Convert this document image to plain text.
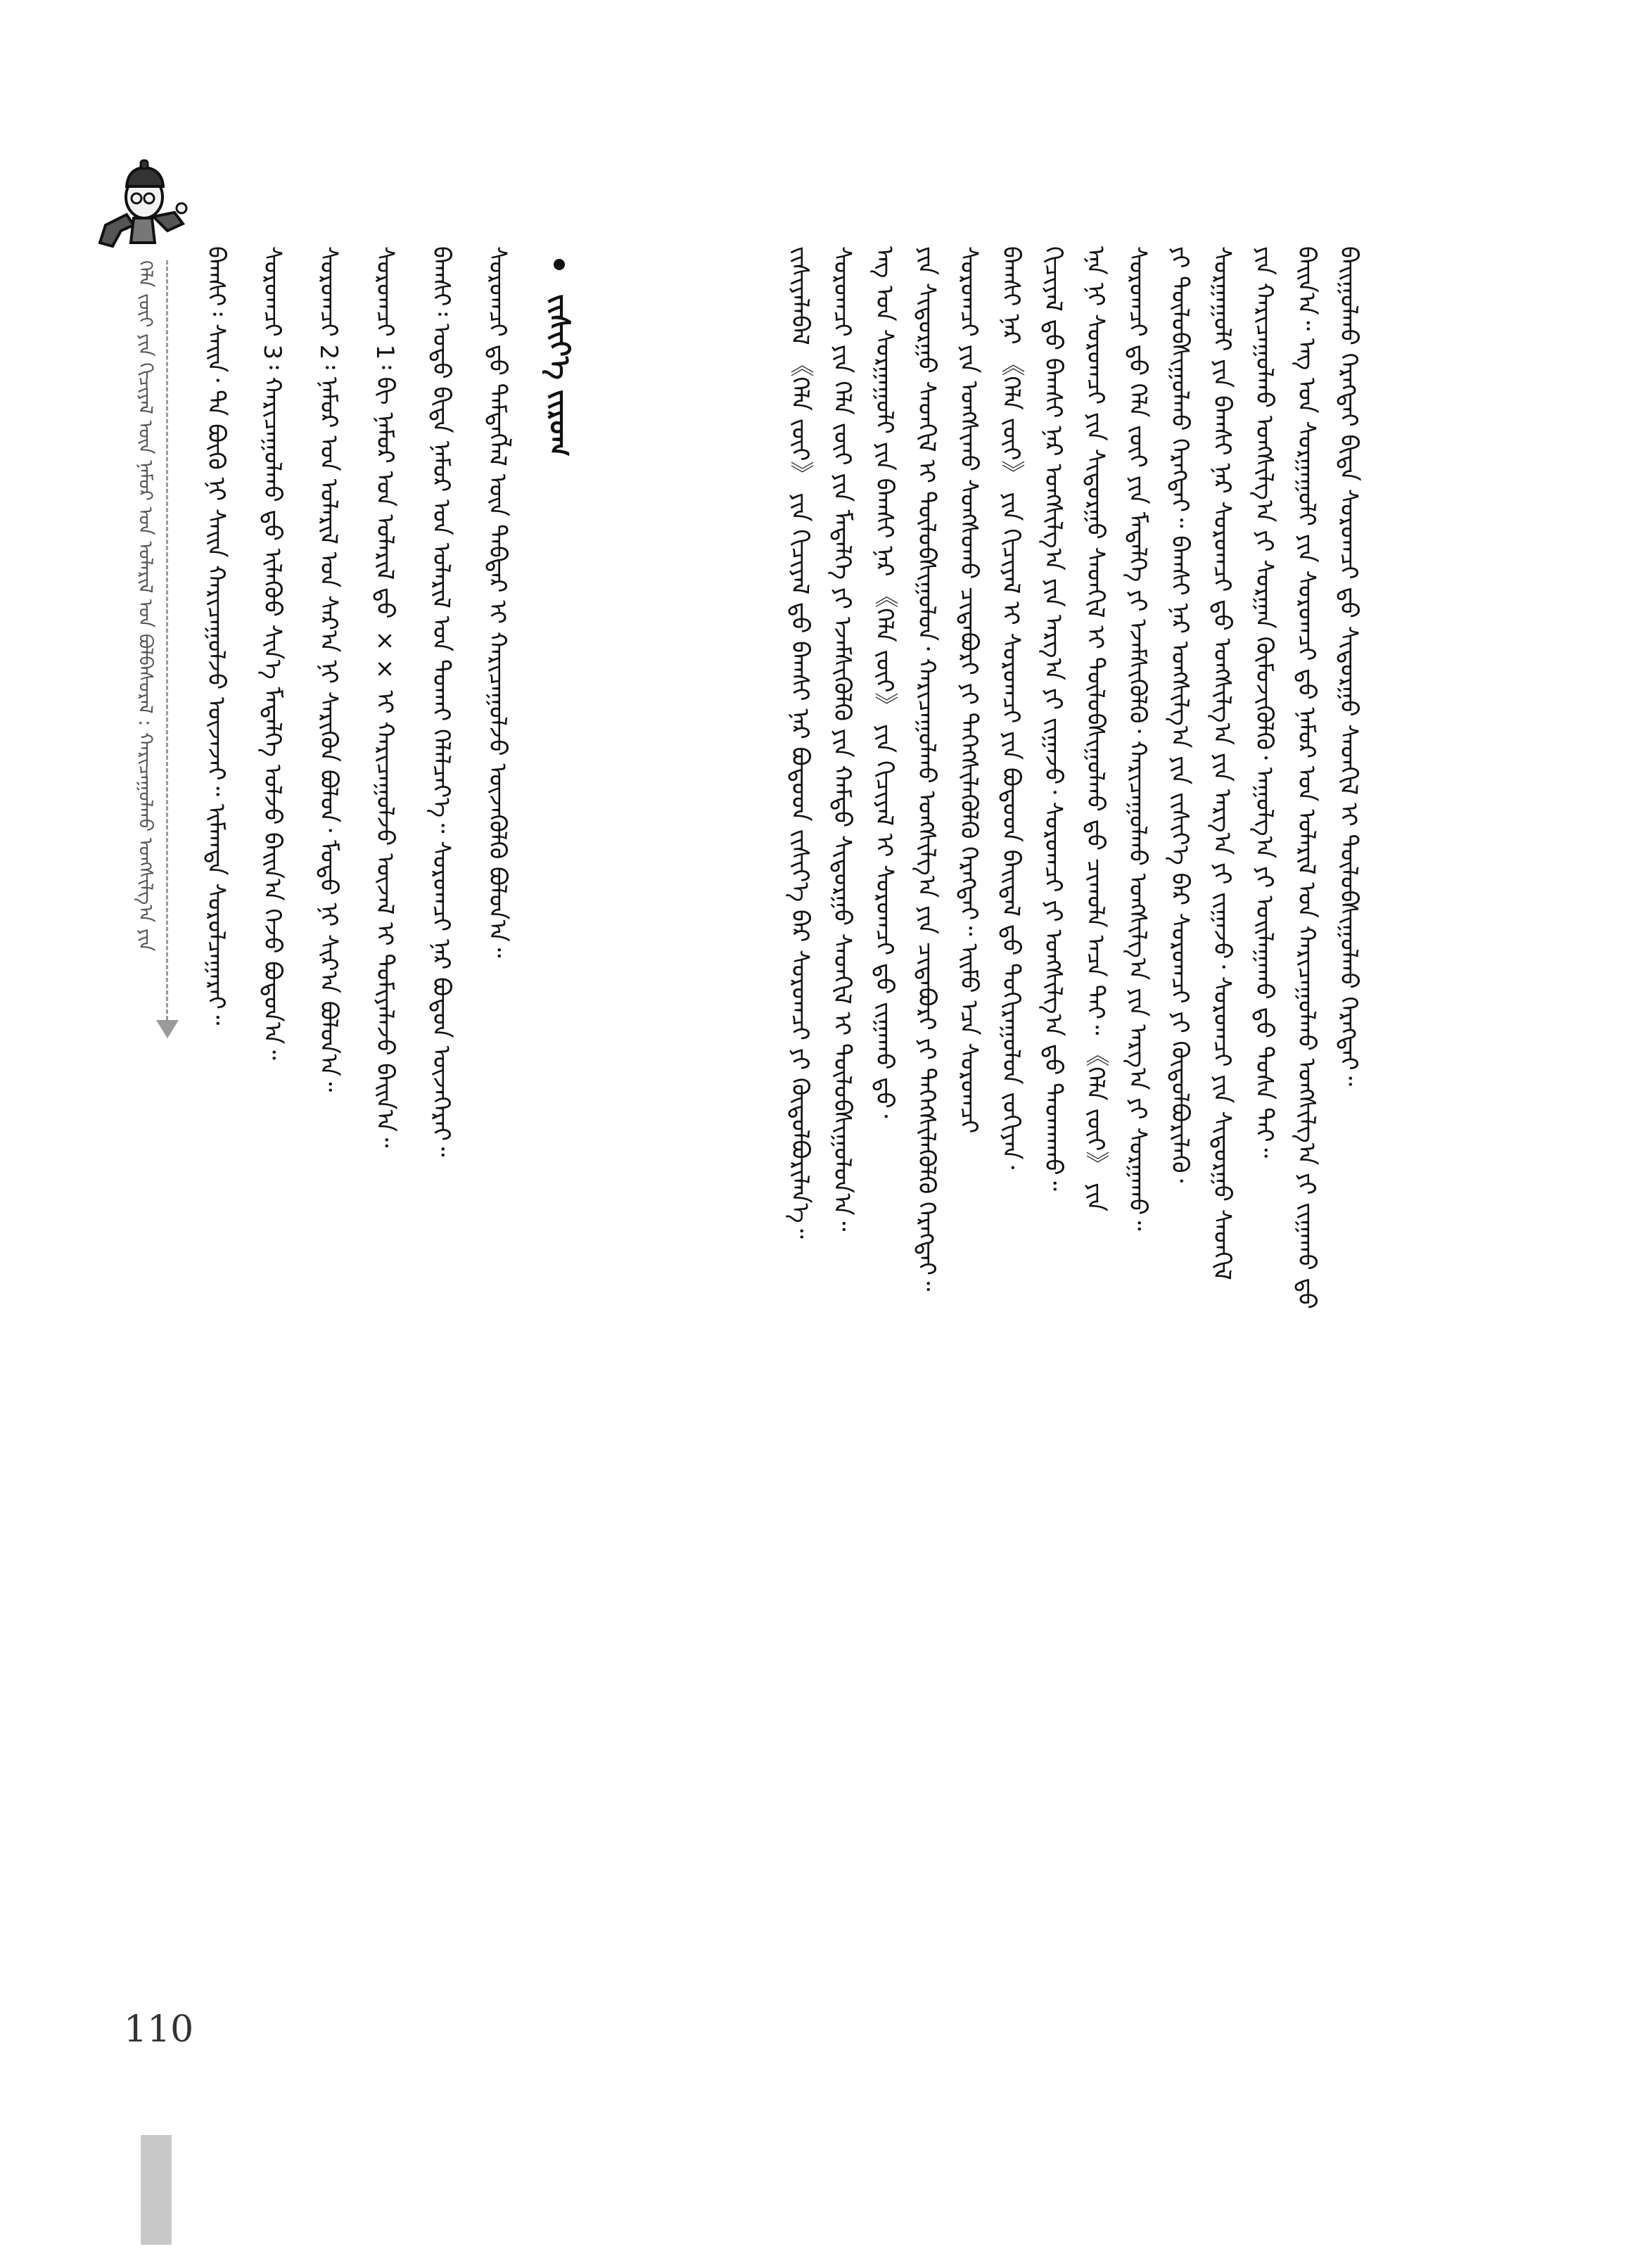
ᠬᠡᠯᠡ ᠵᠦᠢ ᠶᠢᠨ ᠬᠢᠴᠢᠶᠡᠯ ᠦᠨ ᠨᠠᠮᠤᠷ ᠤᠨ ᠤᠯᠠᠷᠢᠯ ᠤᠨ ᠪᠣᠯᠪᠠᠰᠤᠷᠠᠯ : ᠬᠠᠷᠢᠴᠠᠭᠤᠯᠬᠤ ᠤᠩᠰᠢᠯᠭ᠎ᠠ ᠶᠢᠨ	ᠪᠠᠢᠭᠤᠯᠬᠤ ᠬᠡᠷᠡᠭᠲᠡᠢ ᠪᠢᠳᠡ ᠰᠤᠷᠤᠭᠴᠢ ᠳ᠋ᠤ ᠰᠢᠳᠤᠷᠭᠤ ᠰᠡᠳᠬᠢᠯ ᠢ ᠲᠥᠯᠥᠪᠰᠢᠭᠤᠯᠬᠤ ᠬᠡᠷᠡᠭᠲᠡᠢ᠃
ᠪᠠᠢᠨ᠎ᠠ᠃ ᠡᠩ ᠤᠨ ᠰᠤᠷᠭᠠᠭᠤᠯᠢ ᠶᠢᠨ ᠰᠤᠷᠤᠭᠴᠢ ᠳ᠋ᠤ ᠨᠠᠮᠤᠷ ᠤᠨ ᠤᠯᠠᠷᠢᠯ ᠤᠨ ᠬᠠᠷᠢᠴᠠᠭᠤᠯᠬᠤ ᠤᠩᠰᠢᠯᠭ᠎ᠠ ᠶᠢ ᠵᠢᠭᠠᠬᠤ ᠳ᠋ᠤ
ᠶᠢᠨ ᠬᠠᠷᠢᠴᠠᠭᠤᠯᠬᠤ ᠤᠩᠰᠢᠯᠭ᠎ᠠ ᠶᠢ ᠰᠤᠷᠭᠠᠨ ᠬᠥᠮᠦᠵᠢᠭᠦᠯᠬᠦ᠂ ᠠᠭᠤᠯᠭ᠎ᠠ ᠶᠢ ᠣᠢᠯᠠᠭᠠᠬᠤ ᠳ᠋ᠤ ᠳᠤᠰᠠ ᠲᠠᠢ᠃
ᠰᠤᠷᠭᠠᠭᠤᠯᠢ ᠶᠢᠨ ᠪᠠᠭᠰᠢ ᠨᠠᠷ ᠰᠤᠷᠤᠭᠴᠢ ᠳ᠋ᠤ ᠤᠩᠰᠢᠯᠭ᠎ᠠ ᠶᠢᠨ ᠠᠷᠭ᠎ᠠ ᠶᠢ ᠵᠢᠭᠠᠵᠤ᠂ ᠰᠤᠷᠤᠭᠴᠢ ᠶᠢᠨ ᠰᠢᠳᠤᠷᠭᠤ ᠰᠡᠳᠬᠢᠯ
ᠶᠢ ᠲᠥᠯᠥᠪᠰᠢᠭᠤᠯᠬᠤ ᠬᠡᠷᠡᠭᠲᠡᠢ᠃ ᠪᠠᠭᠰᠢ ᠨᠠᠷ ᠤᠩᠰᠢᠯᠭ᠎ᠠ ᠶᠢᠨ ᠵᠢᠱᠢᠶ᠎ᠡ ᠪᠡᠷ ᠰᠤᠷᠤᠭᠴᠢ ᠶᠢ ᠬᠥᠲᠦᠯᠪᠦᠷᠢᠯᠡᠬᠦ᠂
ᠰᠤᠷᠤᠭᠴᠢ ᠳ᠋ᠤ ᠬᠡᠯᠡ ᠵᠦᠢ ᠶᠢᠨ ᠮᠡᠳᠡᠯᠭᠡ ᠶᠢ ᠡᠵᠡᠮᠰᠢᠭᠦᠯᠬᠦ᠂ ᠬᠠᠷᠢᠴᠠᠭᠤᠯᠬᠤ ᠤᠩᠰᠢᠯᠭ᠎ᠠ ᠶᠢᠨ ᠠᠷᠭ᠎ᠠ ᠶᠢ ᠰᠤᠷᠭᠠᠬᠤ᠃
ᠡᠨᠡ ᠨᠢ ᠰᠤᠷᠤᠭᠴᠢ ᠶᠢᠨ ᠰᠢᠳᠤᠷᠭᠤ ᠰᠡᠳᠬᠢᠯ ᠢ ᠲᠥᠯᠥᠪᠰᠢᠭᠤᠯᠬᠤ ᠳ᠋ᠤ ᠴᠢᠬᠤᠯᠠ ᠠᠴᠠ ᠲᠠᠢ᠃ 《ᠬᠡᠯᠡ ᠵᠦᠢ》 ᠶᠢᠨ
ᠬᠢᠴᠢᠶᠡᠯ ᠳ᠋ᠤ ᠪᠠᠭᠰᠢ ᠨᠠᠷ ᠤᠩᠰᠢᠯᠭ᠎ᠠ ᠶᠢᠨ ᠠᠷᠭ᠎ᠠ ᠶᠢ ᠵᠢᠭᠠᠵᠤ᠂ ᠰᠤᠷᠤᠭᠴᠢ ᠶᠢ ᠤᠩᠰᠢᠯᠭ᠎ᠠ ᠳ᠋ᠤ ᠳᠠᠳᠬᠠᠬᠤ᠃
ᠪᠠᠭᠰᠢ ᠨᠠᠷ 《ᠬᠡᠯᠡ ᠵᠦᠢ》 ᠶᠢᠨ ᠬᠢᠴᠢᠶᠡᠯ ᠢ ᠰᠤᠷᠤᠭᠴᠢ ᠶᠢᠨ ᠪᠣᠳᠤᠳ ᠪᠠᠢᠳᠠᠯ ᠳ᠋ᠤ ᠲᠣᠬᠢᠷᠠᠭᠤᠯᠤᠨ ᠵᠣᠬᠢᠶᠠᠨ᠂
ᠰᠤᠷᠤᠭᠴᠢ ᠶᠢᠨ ᠤᠩᠰᠢᠬᠤ ᠰᠣᠩᠰᠤᠬᠤ ᠴᠢᠳᠠᠪᠤᠷᠢ ᠶᠢ ᠳᠡᠭᠡᠭᠰᠢᠯᠡᠭᠦᠯᠬᠦ ᠬᠡᠷᠡᠭᠲᠡᠢ᠃ ᠡᠢᠮᠦ ᠡᠴᠡ ᠰᠤᠷᠤᠭᠴᠢ
ᠶᠢᠨ ᠰᠢᠳᠤᠷᠭᠤ ᠰᠡᠳᠬᠢᠯ ᠢ ᠲᠥᠯᠥᠪᠰᠢᠭᠤᠯᠤᠨ᠂ ᠬᠠᠷᠢᠴᠠᠭᠤᠯᠬᠤ ᠤᠩᠰᠢᠯᠭ᠎ᠠ ᠶᠢᠨ ᠴᠢᠳᠠᠪᠤᠷᠢ ᠶᠢ ᠳᠡᠭᠡᠭᠰᠢᠯᠡᠭᠦᠯᠬᠦ ᠬᠡᠷᠡᠭᠲᠡᠢ᠃
ᠡᠩ ᠤᠨ ᠰᠤᠷᠭᠠᠭᠤᠯᠢ ᠶᠢᠨ ᠪᠠᠭᠰᠢ ᠨᠠᠷ 《ᠬᠡᠯᠡ ᠵᠦᠢ》 ᠶᠢᠨ ᠬᠢᠴᠢᠶᠡᠯ ᠢ ᠰᠤᠷᠤᠭᠴᠢ ᠳ᠋ᠤ ᠵᠢᠭᠠᠬᠤ ᠳ᠋ᠤ᠂
ᠰᠤᠷᠤᠭᠴᠢ ᠶᠢᠨ ᠬᠡᠯᠡ ᠵᠦᠢ ᠶᠢᠨ ᠮᠡᠳᠡᠯᠭᠡ ᠶᠢ ᠡᠵᠡᠮᠰᠢᠭᠦᠯᠬᠦ ᠶᠢᠨ ᠬᠠᠮᠲᠤ ᠰᠢᠳᠤᠷᠭᠤ ᠰᠡᠳᠬᠢᠯ ᠢ ᠲᠥᠯᠥᠪᠰᠢᠭᠤᠯᠤᠨ᠎ᠠ᠃
ᠵᠢᠱᠢᠶᠡᠯᠡᠪᠡᠯ 《ᠬᠡᠯᠡ ᠵᠦᠢ》 ᠶᠢᠨ ᠬᠢᠴᠢᠶᠡᠯ ᠳ᠋ᠤ ᠪᠠᠭᠰᠢ ᠨᠠᠷ ᠪᠣᠳᠤᠳ ᠵᠢᠱᠢᠶ᠎ᠡ ᠪᠡᠷ ᠰᠤᠷᠤᠭᠴᠢ ᠶᠢ ᠬᠥᠲᠦᠯᠪᠦᠷᠢᠯᠡᠨ᠎ᠡ᠃
ᠵᠢᠱᠢᠶ᠎ᠡ ᠵᠢᠷᠤᠭ
ᠰᠤᠷᠤᠭᠴᠢ ᠳ᠋ᠤ ᠲᠡᠮᠳᠡᠭᠯᠡᠯ ᠦᠨ ᠳᠡᠪᠲᠡᠷ ᠢ ᠬᠠᠷᠢᠴᠠᠭᠤᠯᠵᠤ ᠦᠵᠡᠭᠦᠯᠬᠦ ᠪᠣᠯᠤᠨ᠎ᠠ᠃
ᠪᠠᠭᠰᠢ᠄ ᠣᠳᠣ ᠪᠢᠳᠡ ᠨᠠᠮᠤᠷ ᠤᠨ ᠤᠯᠠᠷᠢᠯ ᠤᠨ ᠲᠤᠬᠠᠢ ᠬᠡᠯᠡᠯᠴᠡᠶ᠎ᠡ᠃ ᠰᠤᠷᠤᠭᠴᠢ ᠨᠠᠷ ᠪᠣᠳᠤᠨ ᠦᠵᠡᠭᠡᠷᠡᠢ᠃
ᠰᠤᠷᠤᠭᠴᠢ 1᠄ ᠪᠢ ᠨᠠᠮᠤᠷ ᠤᠨ ᠤᠯᠠᠷᠢᠯ ᠳ᠋ᠤ ×× ᠢ ᠬᠠᠷᠢᠴᠠᠭᠤᠯᠵᠤ ᠦᠵᠡᠯ ᠢ ᠲᠣᠮᠢᠶᠠᠯᠠᠵᠤ ᠪᠠᠢᠨ᠎ᠠ᠃
ᠰᠤᠷᠤᠭᠴᠢ 2᠄ ᠨᠠᠮᠤᠷ ᠤᠨ ᠤᠯᠠᠷᠢᠯ ᠤᠨ ᠰᠠᠷ᠎ᠠ ᠨᠢ ᠰᠡᠷᠢᠭᠦᠨ ᠪᠣᠯᠤᠨ᠂ ᠮᠣᠳᠤ ᠨᠢ ᠰᠢᠷ᠎ᠠ ᠪᠣᠯᠤᠨ᠎ᠠ᠃
ᠰᠤᠷᠤᠭᠴᠢ 3᠄ ᠬᠠᠷᠢᠴᠠᠭᠤᠯᠬᠤ ᠳ᠋ᠤ ᠢᠯᠡᠭᠦᠦ ᠰᠢᠨ᠎ᠡ ᠮᠡᠳᠡᠯᠭᠡ ᠣᠯᠵᠤ ᠪᠠᠢᠨ᠎ᠠ ᠭᠡᠵᠦ ᠪᠣᠳᠤᠨ᠎ᠠ᠃
ᠪᠠᠭᠰᠢ᠄ ᠰᠠᠢᠨ᠂ ᠲᠠ ᠪᠦᠬᠦ ᠨᠢ ᠰᠠᠢᠨ ᠬᠠᠷᠢᠴᠠᠭᠤᠯᠵᠤ ᠦᠵᠡᠵᠡᠢ᠃ ᠢᠮᠠᠭᠲᠠ ᠰᠤᠷᠤᠯᠴᠠᠭᠠᠷᠠᠢ᠃
110
